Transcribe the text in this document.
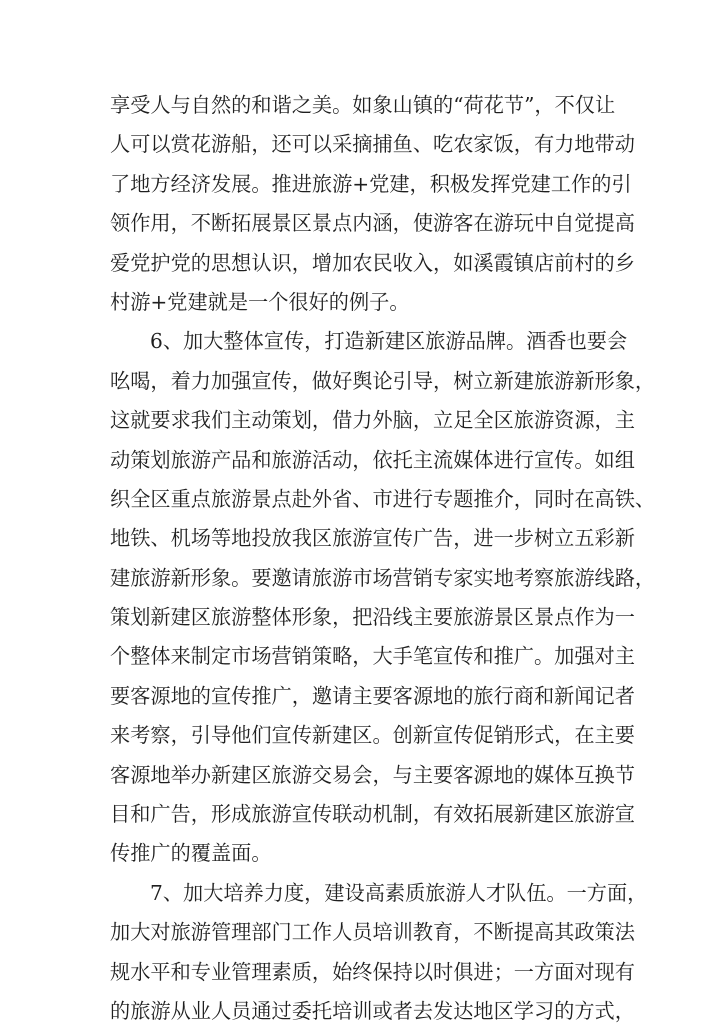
享受人与自然的和谐之美。如象山镇的“荷花节”，不仅让
人可以赏花游船，还可以采摘捕鱼、吃农家饭，有力地带动
了地方经济发展。推进旅游+党建，积极发挥党建工作的引
领作用，不断拓展景区景点内涵，使游客在游玩中自觉提高
爱党护党的思想认识，增加农民收入，如溪霞镇店前村的乡
村游+党建就是一个很好的例子。
6、加大整体宣传，打造新建区旅游品牌。酒香也要会
吆喝，着力加强宣传，做好舆论引导，树立新建旅游新形象，
这就要求我们主动策划，借力外脑，立足全区旅游资源，主
动策划旅游产品和旅游活动，依托主流媒体进行宣传。如组
织全区重点旅游景点赴外省、市进行专题推介，同时在高铁、
地铁、机场等地投放我区旅游宣传广告，进一步树立五彩新
建旅游新形象。要邀请旅游市场营销专家实地考察旅游线路，
策划新建区旅游整体形象，把沿线主要旅游景区景点作为一
个整体来制定市场营销策略，大手笔宣传和推广。加强对主
要客源地的宣传推广，邀请主要客源地的旅行商和新闻记者
来考察，引导他们宣传新建区。创新宣传促销形式，在主要
客源地举办新建区旅游交易会，与主要客源地的媒体互换节
目和广告，形成旅游宣传联动机制，有效拓展新建区旅游宣
传推广的覆盖面。
7、加大培养力度，建设高素质旅游人才队伍。一方面，
加大对旅游管理部门工作人员培训教育，不断提高其政策法
规水平和专业管理素质，始终保持以时俱进；一方面对现有
的旅游从业人员通过委托培训或者去发达地区学习的方式，
